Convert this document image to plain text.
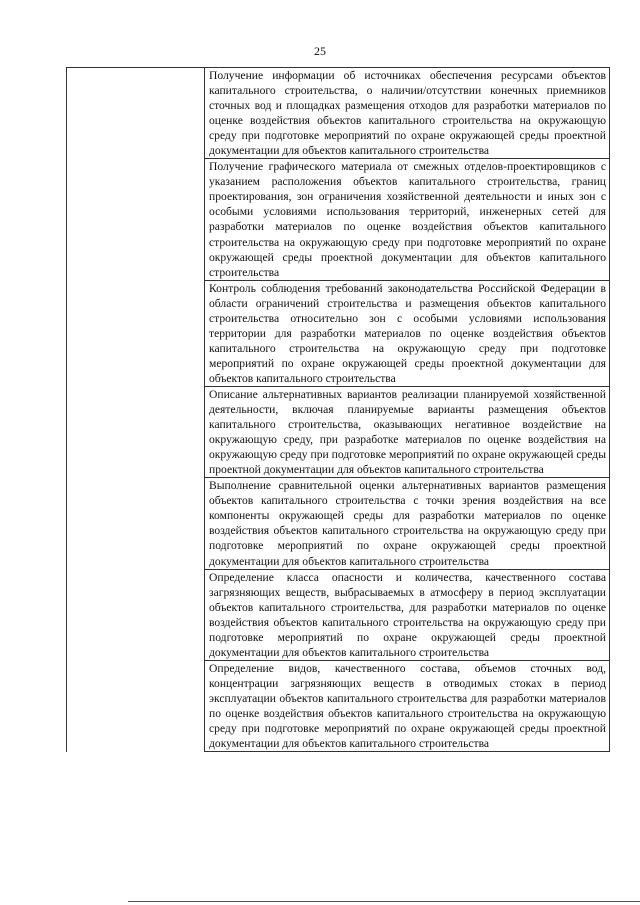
25

Получение информации об источниках обеспечения ресурсами объектов капитального строительства, о наличии/отсутствии конечных приемников сточных вод и площадках размещения отходов для разработки материалов по оценке воздействия объектов капитального строительства на окружающую среду при подготовке мероприятий по охране окружающей среды проектной документации для объектов капитального строительства

Получение графического материала от смежных отделов-проектировщиков с указанием расположения объектов капитального строительства, границ проектирования, зон ограничения хозяйственной деятельности и иных зон с особыми условиями использования территорий, инженерных сетей для разработки материалов по оценке воздействия объектов капитального строительства на окружающую среду при подготовке мероприятий по охране окружающей среды проектной документации для объектов капитального строительства

Контроль соблюдения требований законодательства Российской Федерации в области ограничений строительства и размещения объектов капитального строительства относительно зон с особыми условиями использования территории для разработки материалов по оценке воздействия объектов капитального строительства на окружающую среду при подготовке мероприятий по охране окружающей среды проектной документации для объектов капитального строительства

Описание альтернативных вариантов реализации планируемой хозяйственной деятельности, включая планируемые варианты размещения объектов капитального строительства, оказывающих негативное воздействие на окружающую среду, при разработке материалов по оценке воздействия на окружающую среду при подготовке мероприятий по охране окружающей среды проектной документации для объектов капитального строительства

Выполнение сравнительной оценки альтернативных вариантов размещения объектов капитального строительства с точки зрения воздействия на все компоненты окружающей среды для разработки материалов по оценке воздействия объектов капитального строительства на окружающую среду при подготовке мероприятий по охране окружающей среды проектной документации для объектов капитального строительства

Определение класса опасности и количества, качественного состава загрязняющих веществ, выбрасываемых в атмосферу в период эксплуатации объектов капитального строительства, для разработки материалов по оценке воздействия объектов капитального строительства на окружающую среду при подготовке мероприятий по охране окружающей среды проектной документации для объектов капитального строительства

Определение видов, качественного состава, объемов сточных вод, концентрации загрязняющих веществ в отводимых стоках в период эксплуатации объектов капитального строительства для разработки материалов по оценке воздействия объектов капитального строительства на окружающую среду при подготовке мероприятий по охране окружающей среды проектной документации для объектов капитального строительства
